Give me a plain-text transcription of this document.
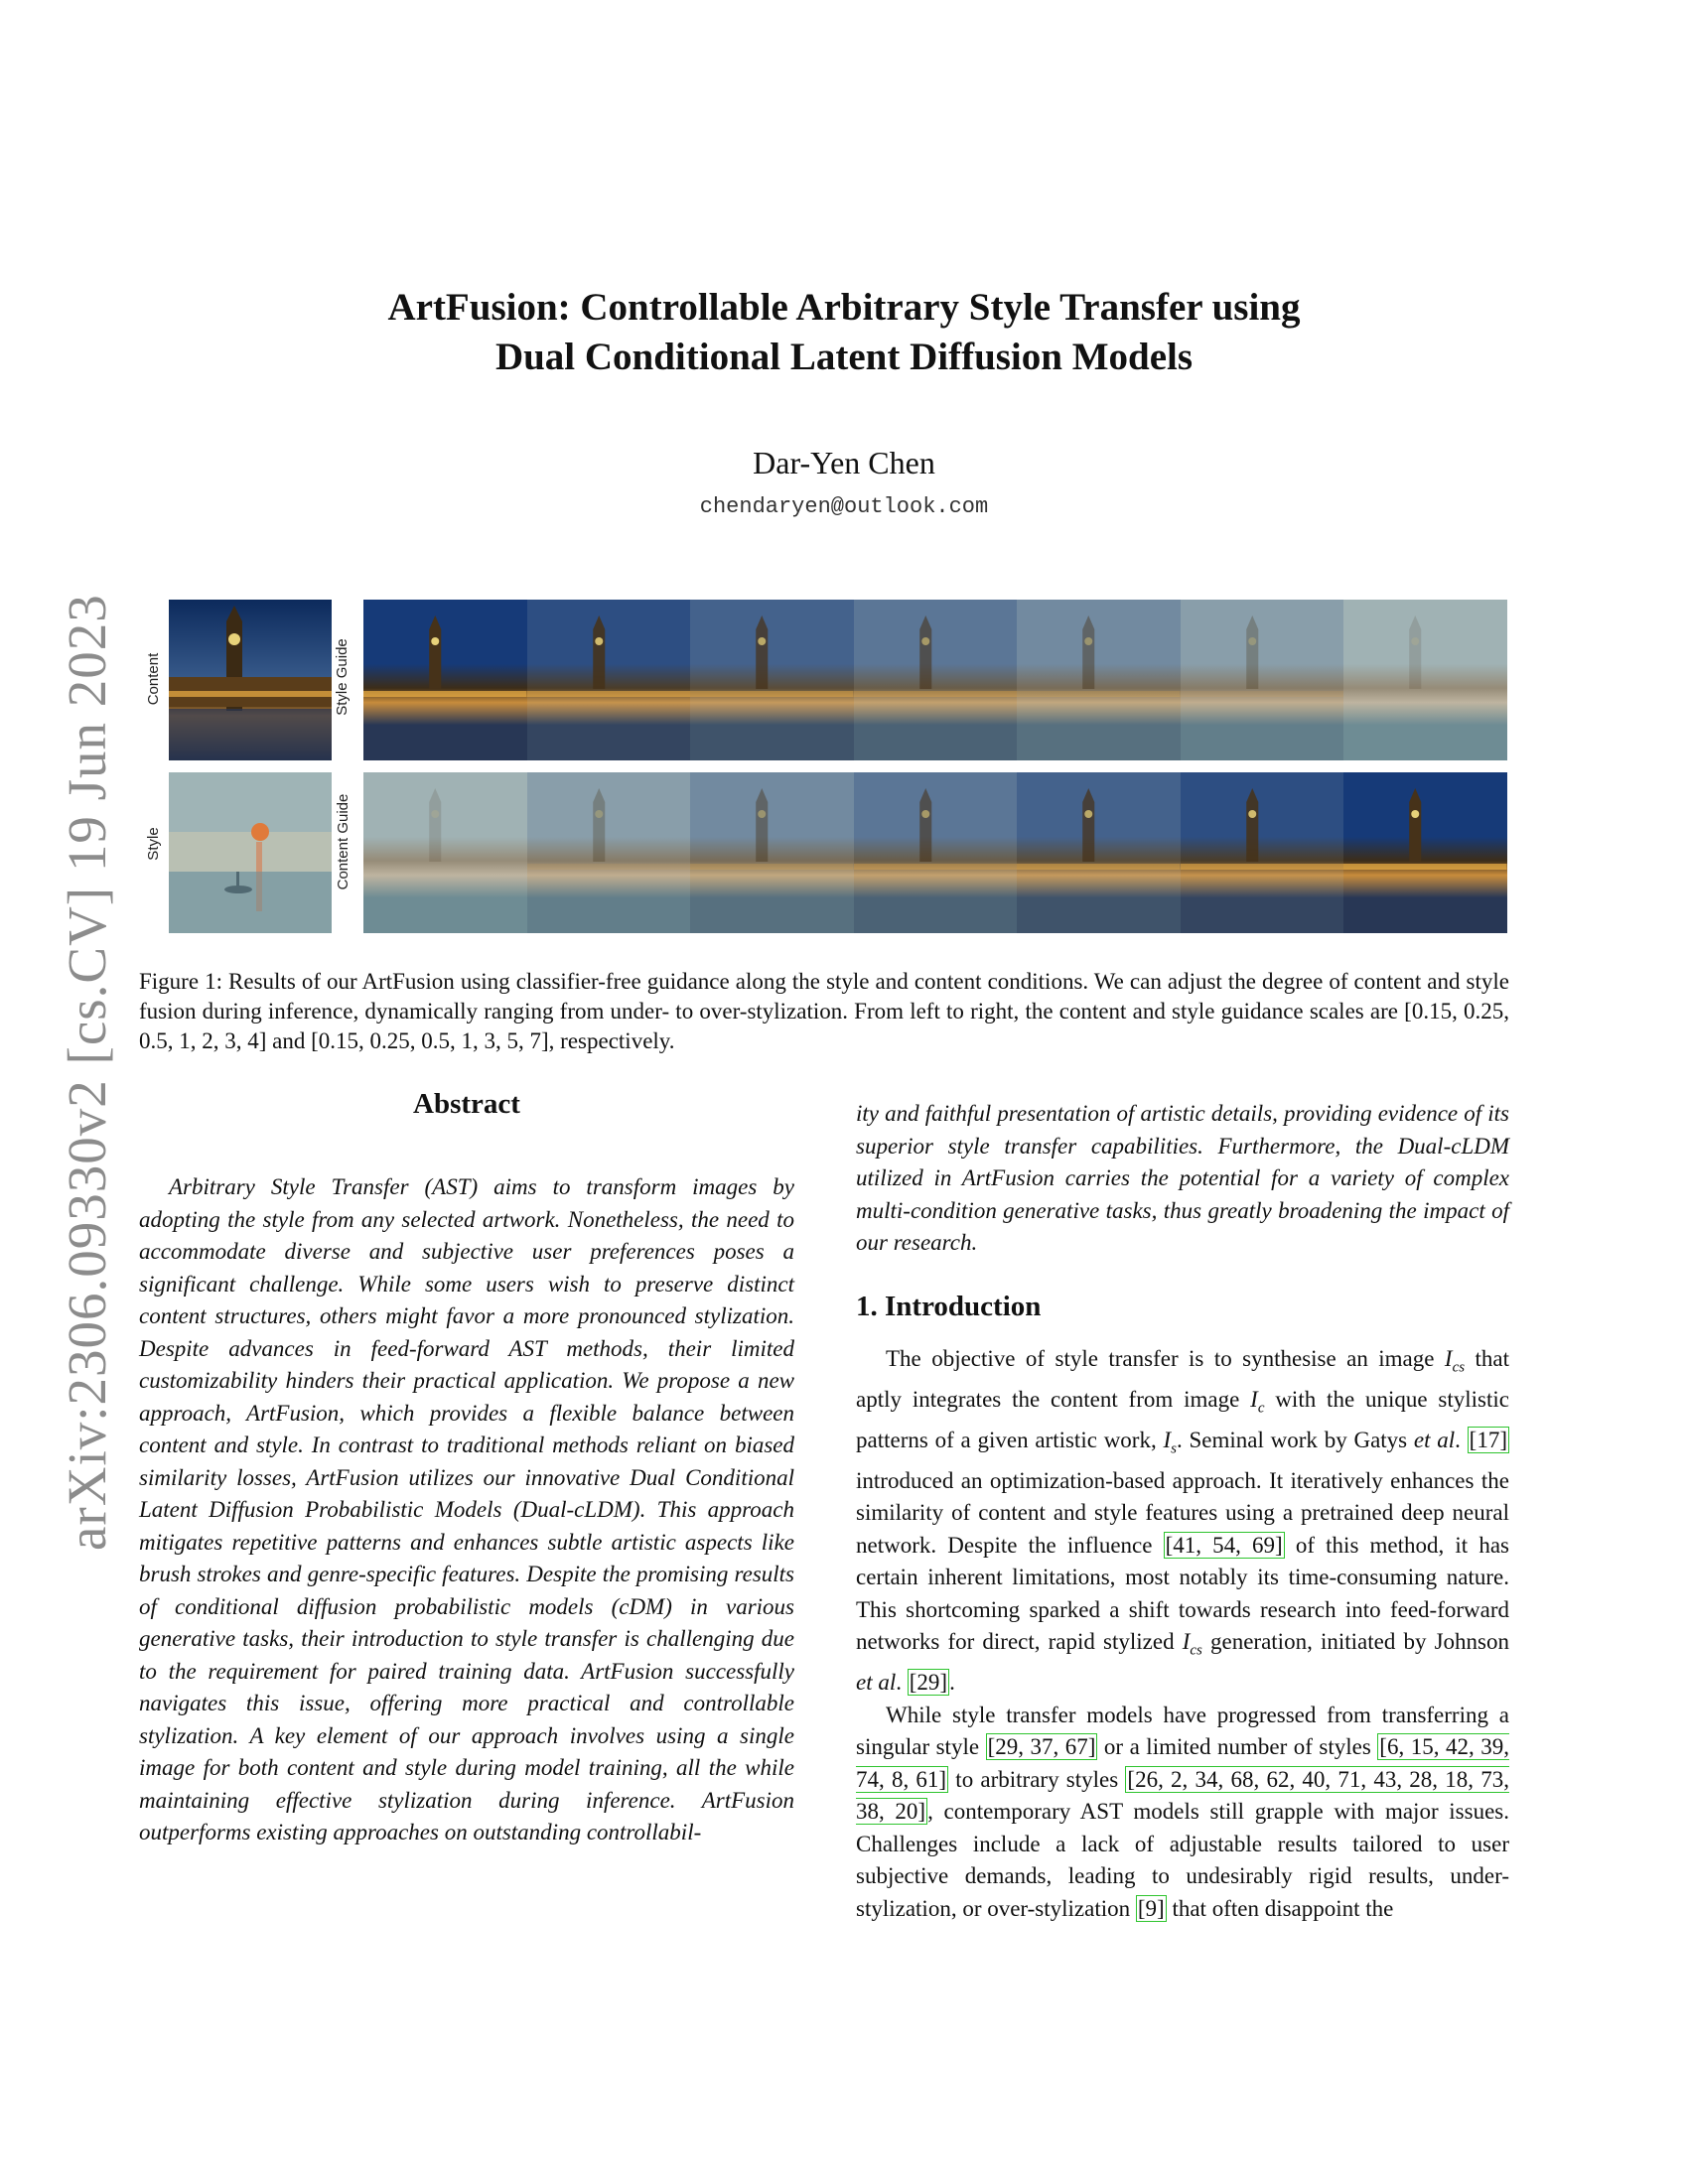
arXiv:2306.09330v2 [cs.CV] 19 Jun 2023
ArtFusion: Controllable Arbitrary Style Transfer using
Dual Conditional Latent Diffusion Models
Dar-Yen Chen
chendaryen@outlook.com
Content
Style
Style Guide
Content Guide
Figure 1: Results of our ArtFusion using classifier-free guidance along the style and content conditions. We can adjust the degree of content and style fusion during inference, dynamically ranging from under- to over-stylization. From left to right, the content and style guidance scales are [0.15, 0.25, 0.5, 1, 2, 3, 4] and [0.15, 0.25, 0.5, 1, 3, 5, 7], respectively.
Abstract
Arbitrary Style Transfer (AST) aims to transform images by adopting the style from any selected artwork. Nonetheless, the need to accommodate diverse and subjective user preferences poses a significant challenge. While some users wish to preserve distinct content structures, others might favor a more pronounced stylization. Despite advances in feed-forward AST methods, their limited customizability hinders their practical application. We propose a new approach, ArtFusion, which provides a flexible balance between content and style. In contrast to traditional methods reliant on biased similarity losses, ArtFusion utilizes our innovative Dual Conditional Latent Diffusion Probabilistic Models (Dual-cLDM). This approach mitigates repetitive patterns and enhances subtle artistic aspects like brush strokes and genre-specific features. Despite the promising results of conditional diffusion probabilistic models (cDM) in various generative tasks, their introduction to style transfer is challenging due to the requirement for paired training data. ArtFusion successfully navigates this issue, offering more practical and controllable stylization. A key element of our approach involves using a single image for both content and style during model training, all the while maintaining effective stylization during inference. ArtFusion outperforms existing approaches on outstanding controllabil-
ity and faithful presentation of artistic details, providing evidence of its superior style transfer capabilities. Furthermore, the Dual-cLDM utilized in ArtFusion carries the potential for a variety of complex multi-condition generative tasks, thus greatly broadening the impact of our research.
1. Introduction

The objective of style transfer is to synthesise an image $I_{cs}$ that aptly integrates the content from image $I_c$ with the unique stylistic patterns of a given artistic work, $I_s$. Seminal work by Gatys et al. [17] introduced an optimization-based approach. It iteratively enhances the similarity of content and style features using a pretrained deep neural network. Despite the influence [41, 54, 69] of this method, it has certain inherent limitations, most notably its time-consuming nature. This shortcoming sparked a shift towards research into feed-forward networks for direct, rapid stylized $I_{cs}$ generation, initiated by Johnson et al. [29].

While style transfer models have progressed from transferring a singular style [29, 37, 67] or a limited number of styles [6, 15, 42, 39, 74, 8, 61] to arbitrary styles [26, 2, 34, 68, 62, 40, 71, 43, 28, 18, 73, 38, 20], contemporary AST models still grapple with major issues. Challenges include a lack of adjustable results tailored to user subjective demands, leading to undesirably rigid results, under-stylization, or over-stylization [9] that often disappoint the
